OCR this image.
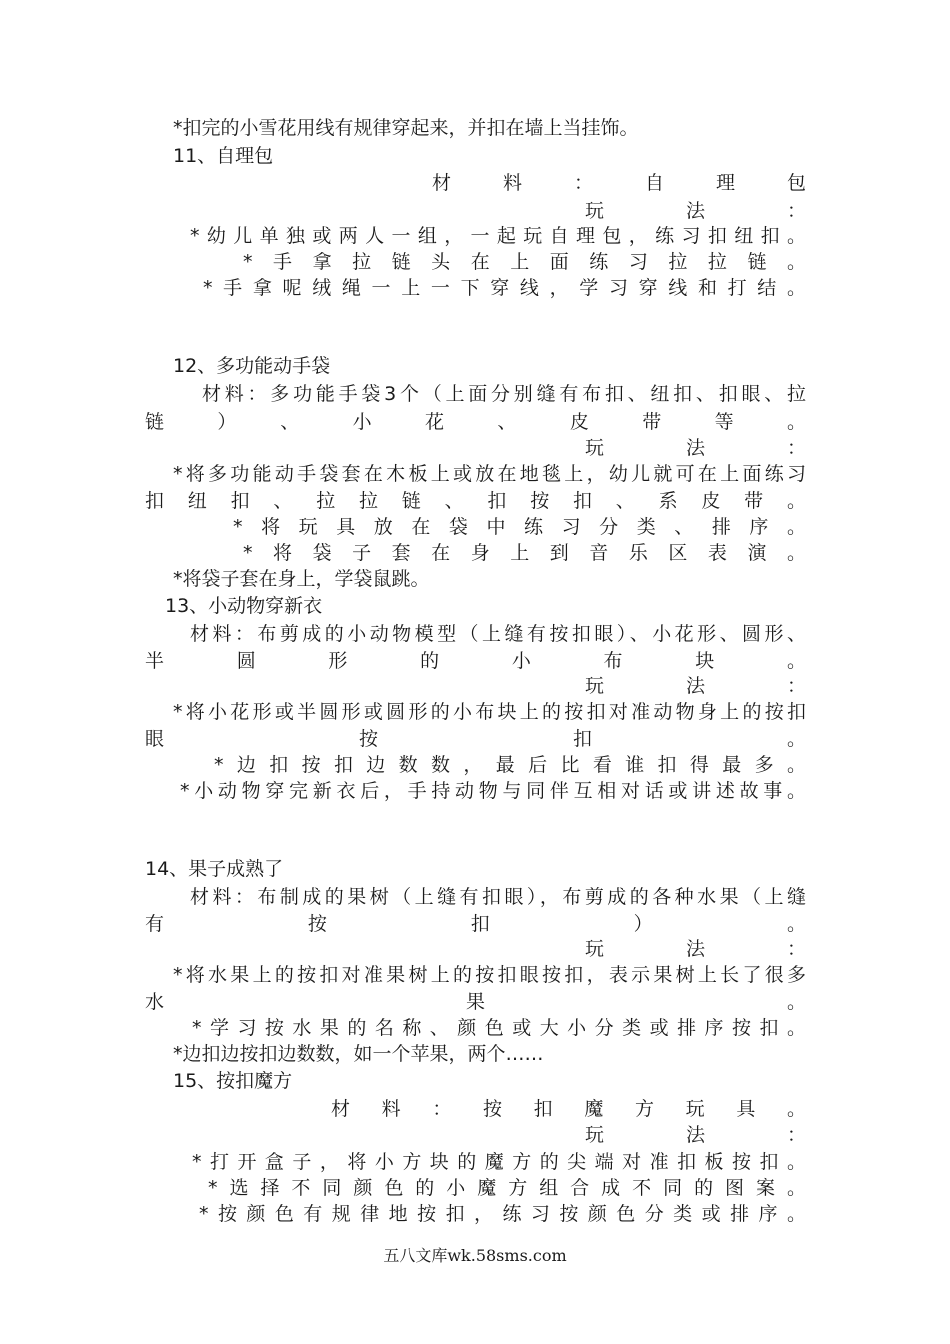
*扣完的小雪花用线有规律穿起来，并扣在墙上当挂饰。
11、自理包
材料：自理包
玩法：
*幼儿单独或两人一组，一起玩自理包，练习扣纽扣。
*手拿拉链头在上面练习拉拉链。
*手拿呢绒绳一上一下穿线，学习穿线和打结。
12、多功能动手袋
材料：多功能手袋3个（上面分别缝有布扣、纽扣、扣眼、拉
链）、小花、皮带等。
玩法：
*将多功能动手袋套在木板上或放在地毯上，幼儿就可在上面练习
扣纽扣、拉拉链、扣按扣、系皮带。
*将玩具放在袋中练习分类、排序。
*将袋子套在身上到音乐区表演。
*将袋子套在身上，学袋鼠跳。
13、小动物穿新衣
材料：布剪成的小动物模型（上缝有按扣眼）、小花形、圆形、
半圆形的小布块。
玩法：
*将小花形或半圆形或圆形的小布块上的按扣对准动物身上的按扣
眼按扣。
*边扣按扣边数数，最后比看谁扣得最多。
*小动物穿完新衣后，手持动物与同伴互相对话或讲述故事。
14、果子成熟了
材料：布制成的果树（上缝有扣眼），布剪成的各种水果（上缝
有按扣）。
玩法：
*将水果上的按扣对准果树上的按扣眼按扣，表示果树上长了很多
水果。
*学习按水果的名称、颜色或大小分类或排序按扣。
*边扣边按扣边数数，如一个苹果，两个……
15、按扣魔方
材料：按扣魔方玩具。
玩法：
*打开盒子，将小方块的魔方的尖端对准扣板按扣。
*选择不同颜色的小魔方组合成不同的图案。
*按颜色有规律地按扣，练习按颜色分类或排序。
五八文库wk.58sms.com
